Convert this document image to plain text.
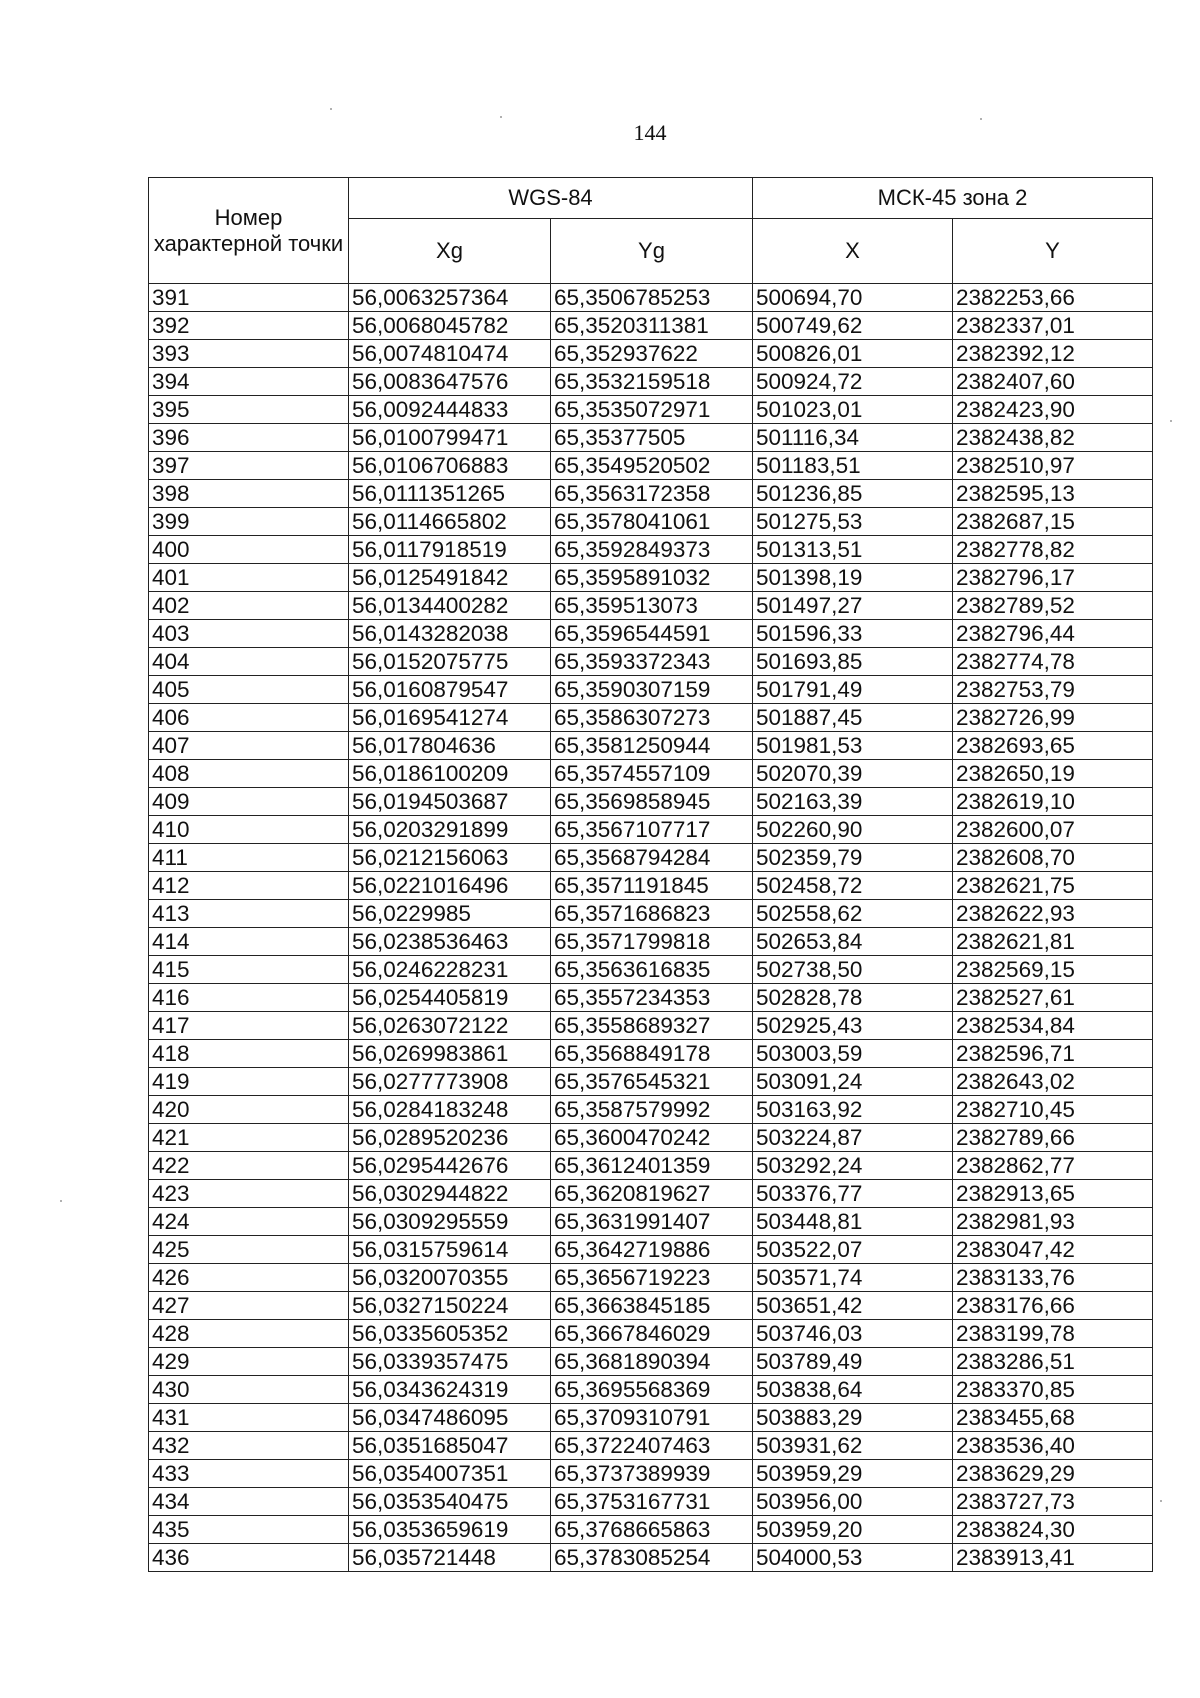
144
Номер характерной точки	WGS-84		МСК-45 зона 2	
	Xg	Yg	X	Y
391	56,0063257364	65,3506785253	500694,70	2382253,66
392	56,0068045782	65,3520311381	500749,62	2382337,01
393	56,0074810474	65,352937622	500826,01	2382392,12
394	56,0083647576	65,3532159518	500924,72	2382407,60
395	56,0092444833	65,3535072971	501023,01	2382423,90
396	56,0100799471	65,35377505	501116,34	2382438,82
397	56,0106706883	65,3549520502	501183,51	2382510,97
398	56,0111351265	65,3563172358	501236,85	2382595,13
399	56,0114665802	65,3578041061	501275,53	2382687,15
400	56,0117918519	65,3592849373	501313,51	2382778,82
401	56,0125491842	65,3595891032	501398,19	2382796,17
402	56,0134400282	65,359513073	501497,27	2382789,52
403	56,0143282038	65,3596544591	501596,33	2382796,44
404	56,0152075775	65,3593372343	501693,85	2382774,78
405	56,0160879547	65,3590307159	501791,49	2382753,79
406	56,0169541274	65,3586307273	501887,45	2382726,99
407	56,017804636	65,3581250944	501981,53	2382693,65
408	56,0186100209	65,3574557109	502070,39	2382650,19
409	56,0194503687	65,3569858945	502163,39	2382619,10
410	56,0203291899	65,3567107717	502260,90	2382600,07
411	56,0212156063	65,3568794284	502359,79	2382608,70
412	56,0221016496	65,3571191845	502458,72	2382621,75
413	56,0229985	65,3571686823	502558,62	2382622,93
414	56,0238536463	65,3571799818	502653,84	2382621,81
415	56,0246228231	65,3563616835	502738,50	2382569,15
416	56,0254405819	65,3557234353	502828,78	2382527,61
417	56,0263072122	65,3558689327	502925,43	2382534,84
418	56,0269983861	65,3568849178	503003,59	2382596,71
419	56,0277773908	65,3576545321	503091,24	2382643,02
420	56,0284183248	65,3587579992	503163,92	2382710,45
421	56,0289520236	65,3600470242	503224,87	2382789,66
422	56,0295442676	65,3612401359	503292,24	2382862,77
423	56,0302944822	65,3620819627	503376,77	2382913,65
424	56,0309295559	65,3631991407	503448,81	2382981,93
425	56,0315759614	65,3642719886	503522,07	2383047,42
426	56,0320070355	65,3656719223	503571,74	2383133,76
427	56,0327150224	65,3663845185	503651,42	2383176,66
428	56,0335605352	65,3667846029	503746,03	2383199,78
429	56,0339357475	65,3681890394	503789,49	2383286,51
430	56,0343624319	65,3695568369	503838,64	2383370,85
431	56,0347486095	65,3709310791	503883,29	2383455,68
432	56,0351685047	65,3722407463	503931,62	2383536,40
433	56,0354007351	65,3737389939	503959,29	2383629,29
434	56,0353540475	65,3753167731	503956,00	2383727,73
435	56,0353659619	65,3768665863	503959,20	2383824,30
436	56,035721448	65,3783085254	504000,53	2383913,41
